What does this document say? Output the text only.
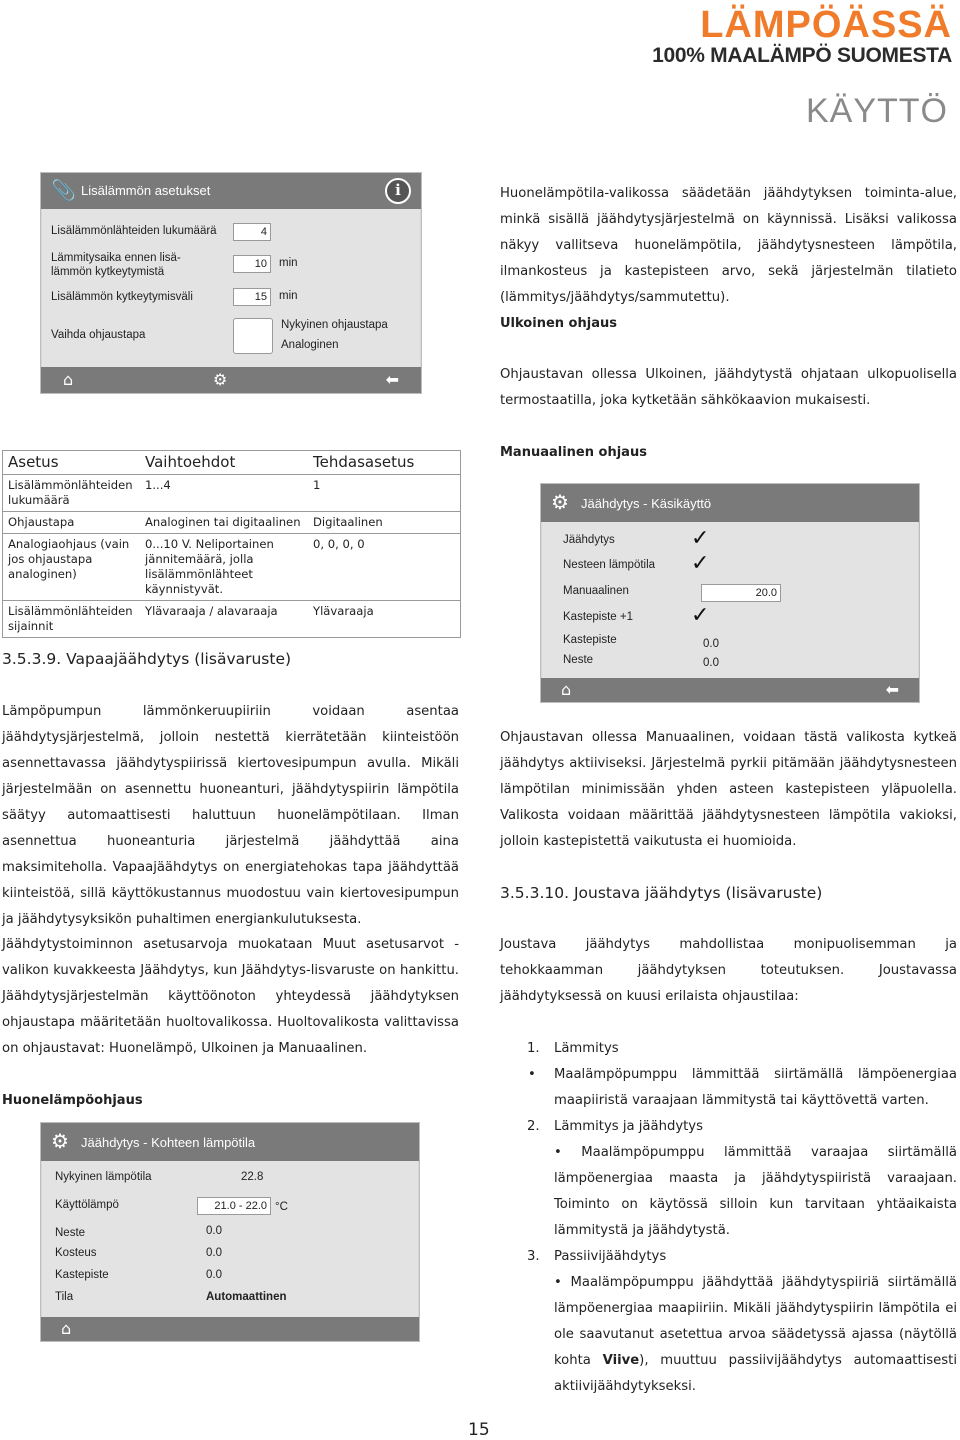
LÄMPÖÄSSÄ
100% MAALÄMPÖ SUOMESTA
KÄYTTÖ
📎 Lisälämmön asetukset	i
Lisälämmönlähteiden lukumäärä	4
Lämmitysaika ennen lisä-
lämmön kytkeytymistä
10	min
Lisälämmön kytkeytymisväli	15	min
Vaihda ohjaustapa
Nykyinen ohjaustapa
Analoginen
⌂	⚙	⬅
Huonelämpötila-valikossa säädetään jäähdytyksen toiminta-alue, minkä sisällä jäähdytysjärjestelmä on käynnissä. Lisäksi valikossa näkyy vallitseva huonelämpötila, jäähdytysnesteen lämpötila, ilmankosteus ja kastepisteen arvo, sekä järjestelmän tilatieto (lämmitys/jäähdytys/sammutettu).
Ulkoinen ohjaus
Ohjaustavan ollessa Ulkoinen, jäähdytystä ohjataan ulkopuolisella termostaatilla, joka kytketään sähkökaavion mukaisesti.
Manuaalinen ohjaus
Asetus	Vaihtoehdot	Tehdasasetus
Lisälämmönlähteiden lukumäärä	1...4	1
Ohjaustapa	Analoginen tai digitaalinen	Digitaalinen
Analogiaohjaus (vain jos ohjaustapa analoginen)	0...10 V. Neliportainen jännitemäärä, jolla lisälämmönlähteet käynnistyvät.	0, 0, 0, 0
Lisälämmönlähteiden sijainnit	Ylävaraaja / alavaraaja	Ylävaraaja
⚙ Jäähdytys - Käsikäyttö
Jäähdytys	✓
Nesteen lämpötila ✓
Manuaalinen	20.0
Kastepiste +1	✓
Kastepiste	0.0
Neste	0.0
⌂	⬅
3.5.3.9. Vapaajäähdytys (lisävaruste)
Lämpöpumpun lämmönkeruupiiriin voidaan asentaa jäähdytysjärjestelmä, jolloin nestettä kierrätetään kiinteistöön asennettavassa jäähdytyspiirissä kiertovesipumpun avulla. Mikäli järjestelmään on asennettu huoneanturi, jäähdytyspiirin lämpötila säätyy automaattisesti haluttuun huonelämpötilaan. Ilman asennettua huoneanturia järjestelmä jäähdyttää aina maksimiteholla. Vapaajäähdytys on energiatehokas tapa jäähdyttää kiinteistöä, sillä käyttökustannus muodostuu vain kiertovesipumpun ja jäähdytysyksikön puhaltimen energiankulutuksesta.
Jäähdytystoiminnon asetusarvoja muokataan Muut asetusarvot -valikon kuvakkeesta Jäähdytys, kun Jäähdytys-lisvaruste on hankittu. Jäähdytysjärjestelmän käyttöönoton yhteydessä jäähdytyksen ohjaustapa määritetään huoltovalikossa. Huoltovalikosta valittavissa on ohjaustavat: Huonelämpö, Ulkoinen ja Manuaalinen.
Huonelämpöohjaus
⚙ Jäähdytys - Kohteen lämpötila
Nykyinen lämpötila	22.8
Käyttölämpö	21.0 - 22.0 °C
Neste	0.0
Kosteus	0.0
Kastepiste	0.0
Tila	Automaattinen
⌂
Ohjaustavan ollessa Manuaalinen, voidaan tästä valikosta kytkeä jäähdytys aktiiviseksi. Järjestelmä pyrkii pitämään jäähdytysnesteen lämpötilan minimissään yhden asteen kastepisteen yläpuolella. Valikosta voidaan määrittää jäähdytysnesteen lämpötila vakioksi, jolloin kastepistettä vaikutusta ei huomioida.
3.5.3.10. Joustava jäähdytys (lisävaruste)
Joustava jäähdytys mahdollistaa monipuolisemman ja tehokkaamman jäähdytyksen toteutuksen. Joustavassa jäähdytyksessä on kuusi erilaista ohjaustilaa:
1. Lämmitys
• Maalämpöpumppu lämmittää siirtämällä lämpöenergiaa maapiiristä varaajaan lämmitystä tai käyttövettä varten.
2. Lämmitys ja jäähdytys
• Maalämpöpumppu lämmittää varaajaa siirtämällä lämpöenergiaa maasta ja jäähdytyspiiristä varaajaan. Toiminto on käytössä silloin kun tarvitaan yhtäaikaista lämmitystä ja jäähdytystä.
3. Passiivijäähdytys
• Maalämpöpumppu jäähdyttää jäähdytyspiiriä siirtämällä lämpöenergiaa maapiiriin. Mikäli jäähdytyspiirin lämpötila ei ole saavutanut asetettua arvoa säädetyssä ajassa (näytöllä kohta Viive), muuttuu passiivijäähdytys automaattisesti aktiivijäähdytykseksi.
15
